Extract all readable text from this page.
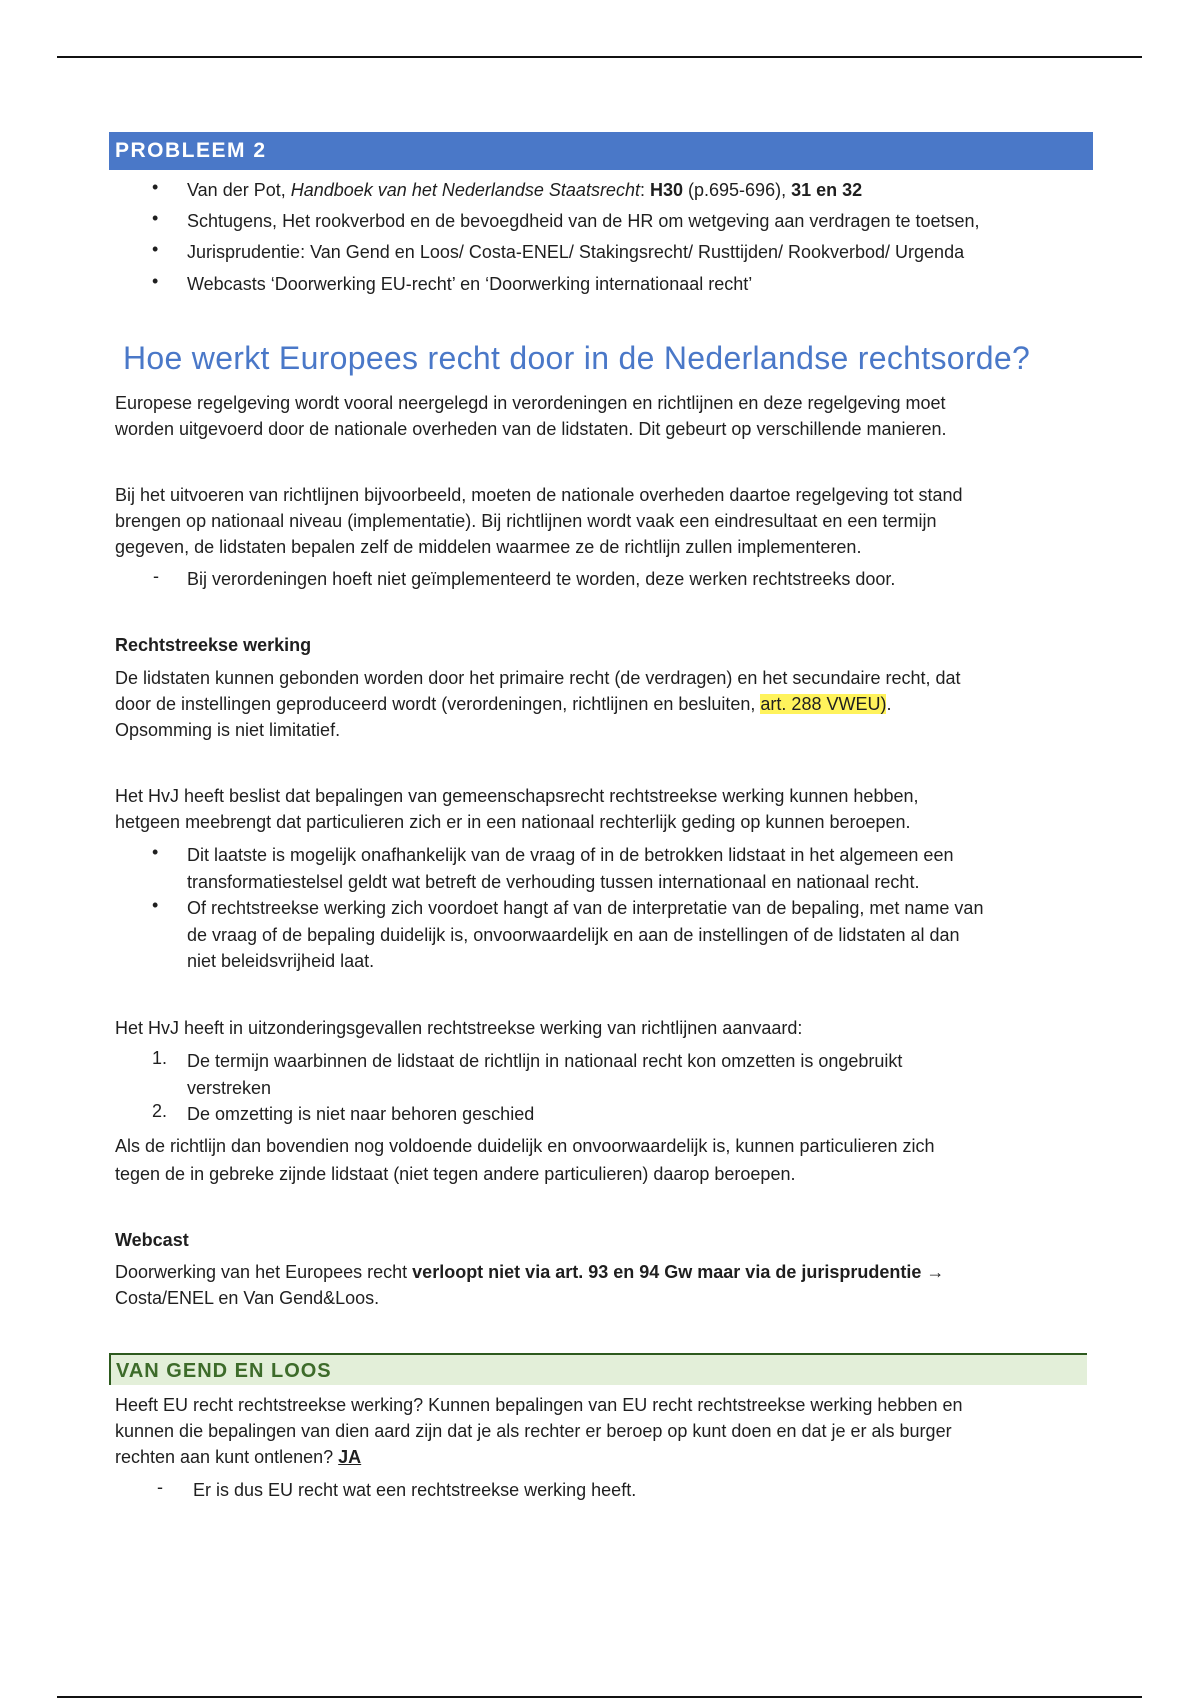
PROBLEEM 2
• Van der Pot, Handboek van het Nederlandse Staatsrecht: H30 (p.695-696), 31 en 32
• Schtugens, Het rookverbod en de bevoegdheid van de HR om wetgeving aan verdragen te toetsen,
• Jurisprudentie: Van Gend en Loos/ Costa-ENEL/ Stakingsrecht/ Rusttijden/ Rookverbod/ Urgenda
• Webcasts ‘Doorwerking EU-recht’ en ‘Doorwerking internationaal recht’
Hoe werkt Europees recht door in de Nederlandse rechtsorde?
Europese regelgeving wordt vooral neergelegd in verordeningen en richtlijnen en deze regelgeving moet
worden uitgevoerd door de nationale overheden van de lidstaten. Dit gebeurt op verschillende manieren.
Bij het uitvoeren van richtlijnen bijvoorbeeld, moeten de nationale overheden daartoe regelgeving tot stand
brengen op nationaal niveau (implementatie). Bij richtlijnen wordt vaak een eindresultaat en een termijn
gegeven, de lidstaten bepalen zelf de middelen waarmee ze de richtlijn zullen implementeren.
- Bij verordeningen hoeft niet geïmplementeerd te worden, deze werken rechtstreeks door.
Rechtstreekse werking
De lidstaten kunnen gebonden worden door het primaire recht (de verdragen) en het secundaire recht, dat
door de instellingen geproduceerd wordt (verordeningen, richtlijnen en besluiten, art. 288 VWEU).
Opsomming is niet limitatief.
Het HvJ heeft beslist dat bepalingen van gemeenschapsrecht rechtstreekse werking kunnen hebben,
hetgeen meebrengt dat particulieren zich er in een nationaal rechterlijk geding op kunnen beroepen.
• Dit laatste is mogelijk onafhankelijk van de vraag of in de betrokken lidstaat in het algemeen een
transformatiestelsel geldt wat betreft de verhouding tussen internationaal en nationaal recht.
• Of rechtstreekse werking zich voordoet hangt af van de interpretatie van de bepaling, met name van
de vraag of de bepaling duidelijk is, onvoorwaardelijk en aan de instellingen of de lidstaten al dan
niet beleidsvrijheid laat.
Het HvJ heeft in uitzonderingsgevallen rechtstreekse werking van richtlijnen aanvaard:
1. De termijn waarbinnen de lidstaat de richtlijn in nationaal recht kon omzetten is ongebruikt
verstreken
2. De omzetting is niet naar behoren geschied
Als de richtlijn dan bovendien nog voldoende duidelijk en onvoorwaardelijk is, kunnen particulieren zich
tegen de in gebreke zijnde lidstaat (niet tegen andere particulieren) daarop beroepen.
Webcast
Doorwerking van het Europees recht verloopt niet via art. 93 en 94 Gw maar via de jurisprudentie →
Costa/ENEL en Van Gend&Loos.
VAN GEND EN LOOS
Heeft EU recht rechtstreekse werking? Kunnen bepalingen van EU recht rechtstreekse werking hebben en
kunnen die bepalingen van dien aard zijn dat je als rechter er beroep op kunt doen en dat je er als burger
rechten aan kunt ontlenen? JA
- Er is dus EU recht wat een rechtstreekse werking heeft.
